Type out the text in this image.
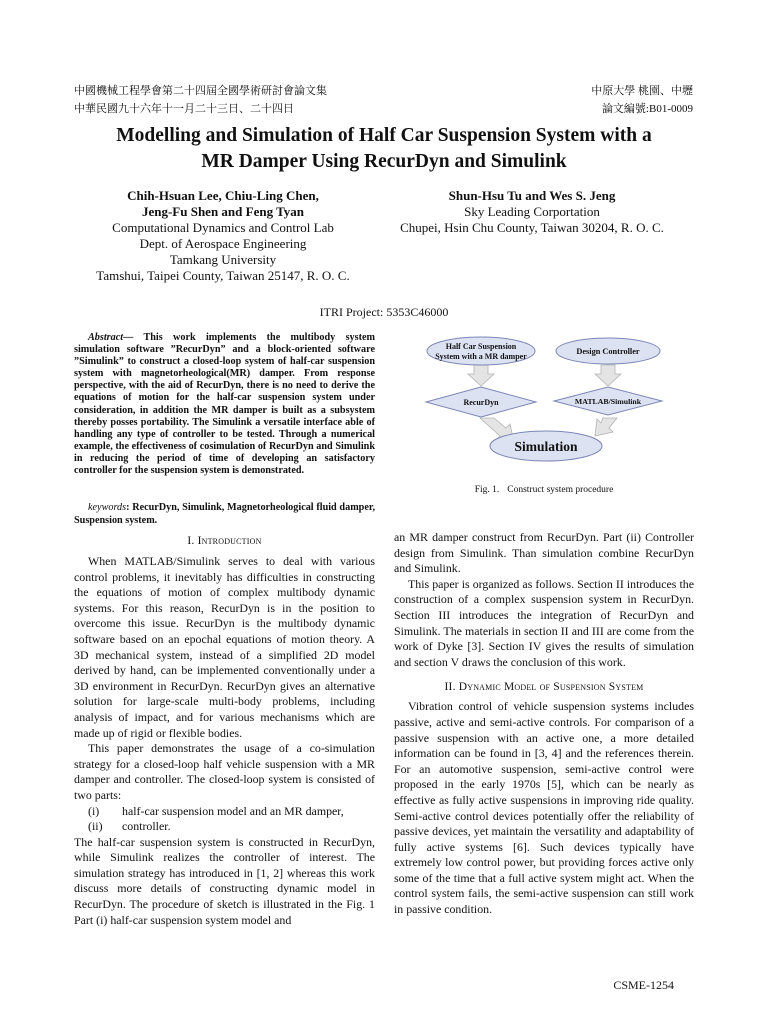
中國機械工程學會第二十四屆全國學術研討會論文集
中華民國九十六年十一月二十三日、二十四日
中原大學 桃園、中壢
論文編號:B01-0009
Modelling and Simulation of Half Car Suspension System with a
MR Damper Using RecurDyn and Simulink
Chih-Hsuan Lee, Chiu-Ling Chen,
Jeng-Fu Shen and Feng Tyan
Computational Dynamics and Control Lab
Dept. of Aerospace Engineering
Tamkang University
Tamshui, Taipei County, Taiwan 25147, R. O. C.
Shun-Hsu Tu and Wes S. Jeng
Sky Leading Corportation
Chupei, Hsin Chu County, Taiwan 30204, R. O. C.
ITRI Project: 5353C46000

Abstract— This work implements the multibody system simulation software ”RecurDyn” and a block-oriented software ”Simulink” to construct a closed-loop system of half-car suspension system with magnetorheological(MR) damper. From response perspective, with the aid of RecurDyn, there is no need to derive the equations of motion for the half-car suspension system under consideration, in addition the MR damper is built as a subsystem thereby posses portability. The Simulink a versatile interface able of handling any type of controller to be tested. Through a numerical example, the effectiveness of cosimulation of RecurDyn and Simulink in reducing the period of time of developing an satisfactory controller for the suspension system is demonstrated.

keywords: RecurDyn, Simulink, Magnetorheological fluid damper, Suspension system.

I. Introduction

When MATLAB/Simulink serves to deal with various control problems, it inevitably has difficulties in constructing the equations of motion of complex multibody dynamic systems. For this reason, RecurDyn is in the position to overcome this issue. RecurDyn is the multibody dynamic software based on an epochal equations of motion theory. A 3D mechanical system, instead of a simplified 2D model derived by hand, can be implemented conventionally under a 3D environment in RecurDyn. RecurDyn gives an alternative solution for large-scale multi-body problems, including analysis of impact, and for various mechanisms which are made up of rigid or flexible bodies.

This paper demonstrates the usage of a co-simulation strategy for a closed-loop half vehicle suspension with a MR damper and controller. The closed-loop system is consisted of two parts:

(i)	half-car suspension model and an MR damper,
(ii)	controller.

The half-car suspension system is constructed in RecurDyn, while Simulink realizes the controller of interest. The simulation strategy has introduced in [1, 2] whereas this work discuss more details of constructing dynamic model in RecurDyn. The procedure of sketch is illustrated in the Fig. 1 Part (i) half-car suspension system model and

Half Car Suspension
System with a MR damper
Design Controller
RecurDyn	MATLAB/Simulink
Simulation
Fig. 1. Construct system procedure

an MR damper construct from RecurDyn. Part (ii) Controller design from Simulink. Than simulation combine RecurDyn and Simulink.

This paper is organized as follows. Section II introduces the construction of a complex suspension system in RecurDyn. Section III introduces the integration of RecurDyn and Simulink. The materials in section II and III are come from the work of Dyke [3]. Section IV gives the results of simulation and section V draws the conclusion of this work.

II. Dynamic Model of Suspension System

Vibration control of vehicle suspension systems includes passive, active and semi-active controls. For comparison of a passive suspension with an active one, a more detailed information can be found in [3, 4] and the references therein. For an automotive suspension, semi-active control were proposed in the early 1970s [5], which can be nearly as effective as fully active suspensions in improving ride quality. Semi-active control devices potentially offer the reliability of passive devices, yet maintain the versatility and adaptability of fully active systems [6]. Such devices typically have extremely low control power, but providing forces active only some of the time that a full active system might act. When the control system fails, the semi-active suspension can still work in passive condition.

CSME-1254
